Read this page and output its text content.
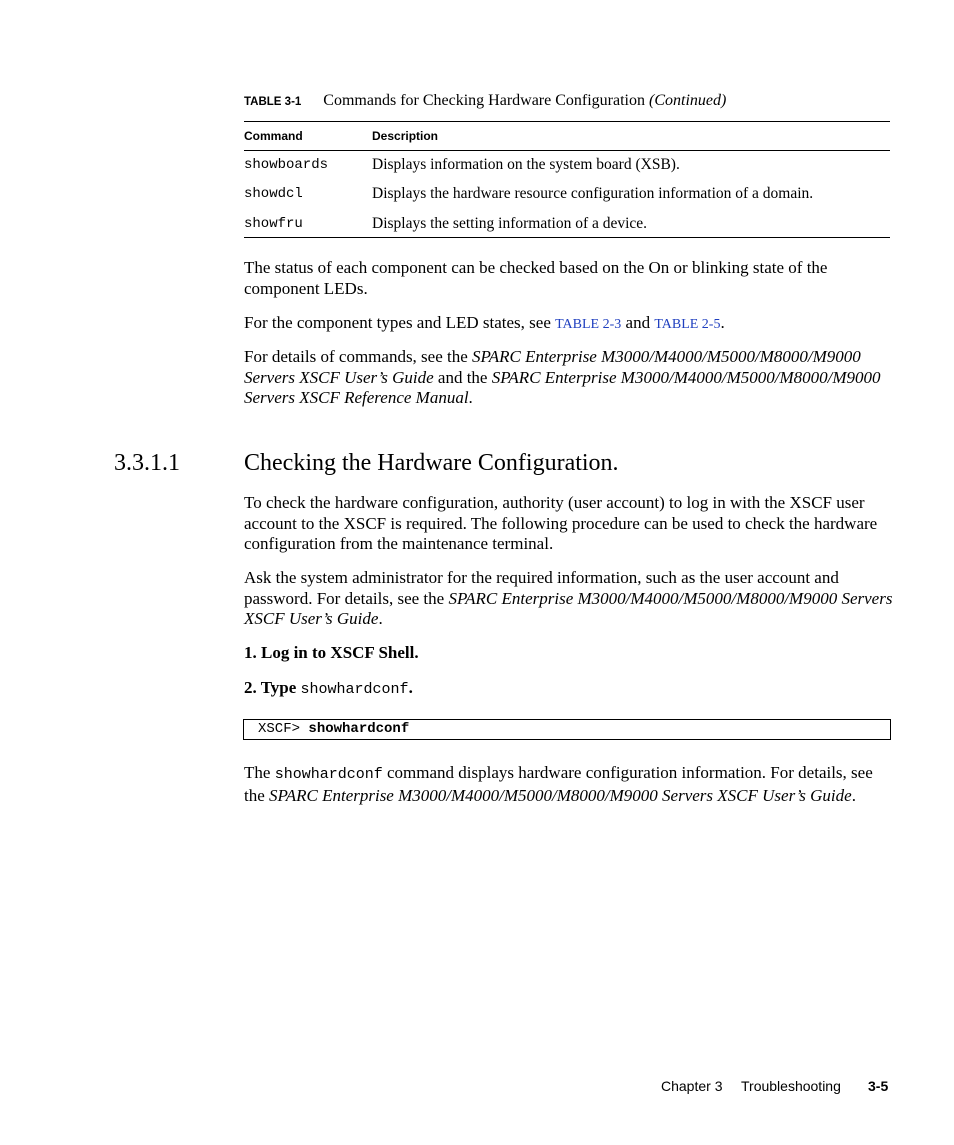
TABLE 3-1 Commands for Checking Hardware Configuration (Continued)
Command	Description
showboards	Displays information on the system board (XSB).
showdcl	Displays the hardware resource configuration information of a domain.
showfru	Displays the setting information of a device.
The status of each component can be checked based on the On or blinking state of the component LEDs.
For the component types and LED states, see TABLE 2-3 and TABLE 2-5.
For details of commands, see the SPARC Enterprise M3000/M4000/M5000/M8000/M9000 Servers XSCF User’s Guide and the SPARC Enterprise M3000/M4000/M5000/M8000/M9000 Servers XSCF Reference Manual.
3.3.1.1	Checking the Hardware Configuration.
To check the hardware configuration, authority (user account) to log in with the XSCF user account to the XSCF is required. The following procedure can be used to check the hardware configuration from the maintenance terminal.
Ask the system administrator for the required information, such as the user account and password. For details, see the SPARC Enterprise M3000/M4000/M5000/M8000/M9000 Servers XSCF User’s Guide.
1. Log in to XSCF Shell.
2. Type showhardconf.
XSCF> showhardconf
The showhardconf command displays hardware configuration information. For details, see the SPARC Enterprise M3000/M4000/M5000/M8000/M9000 Servers XSCF User’s Guide.
Chapter 3 Troubleshooting 3-5
